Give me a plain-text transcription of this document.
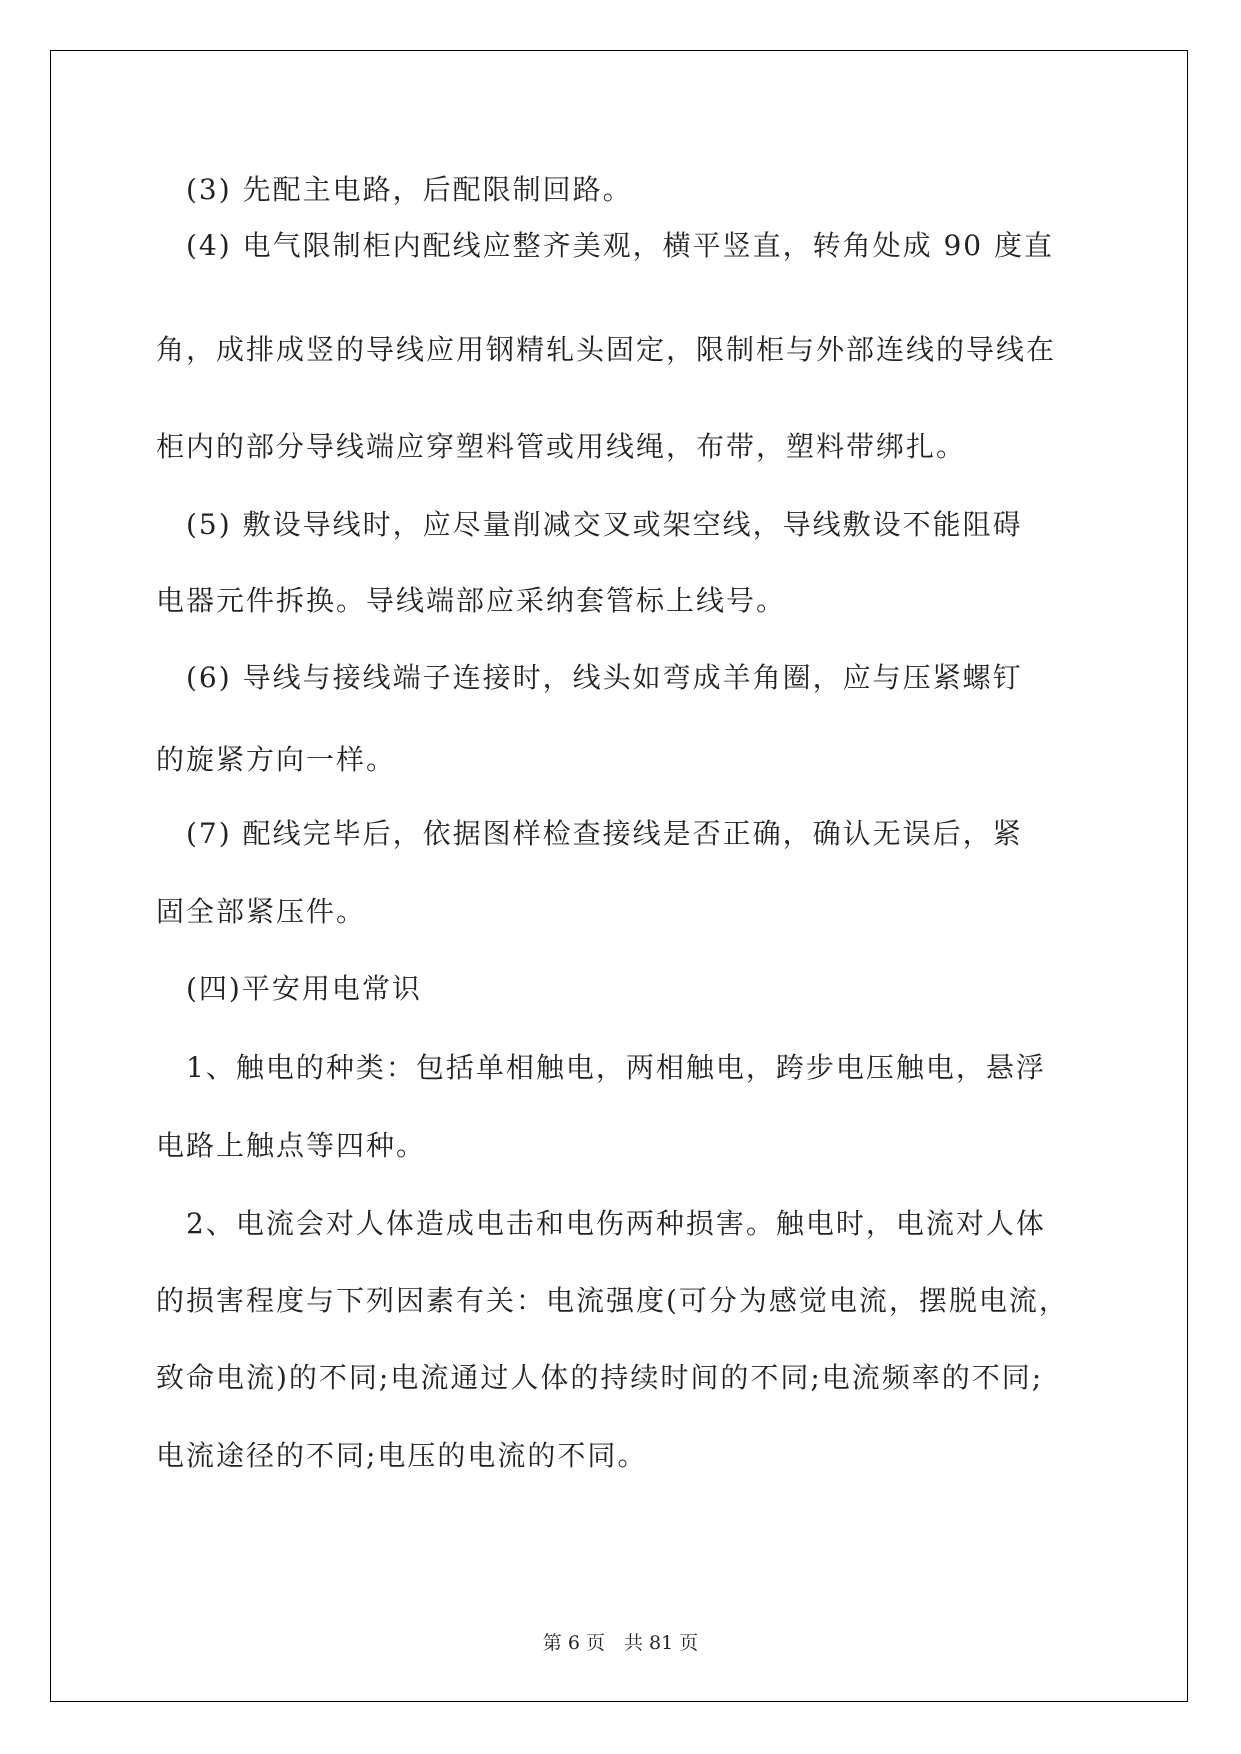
　(3) 先配主电路，后配限制回路。

　(4) 电气限制柜内配线应整齐美观，横平竖直，转角处成 90 度直

角，成排成竖的导线应用钢精轧头固定，限制柜与外部连线的导线在

柜内的部分导线端应穿塑料管或用线绳，布带，塑料带绑扎。

　(5) 敷设导线时，应尽量削减交叉或架空线，导线敷设不能阻碍

电器元件拆换。导线端部应采纳套管标上线号。

　(6) 导线与接线端子连接时，线头如弯成羊角圈，应与压紧螺钉

的旋紧方向一样。

　(7) 配线完毕后，依据图样检查接线是否正确，确认无误后，紧

固全部紧压件。

　(四)平安用电常识

　1、触电的种类：包括单相触电，两相触电，跨步电压触电，悬浮

电路上触点等四种。

　2、电流会对人体造成电击和电伤两种损害。触电时，电流对人体

的损害程度与下列因素有关：电流强度(可分为感觉电流，摆脱电流，

致命电流)的不同;电流通过人体的持续时间的不同;电流频率的不同;

电流途径的不同;电压的电流的不同。

第 6 页　共 81 页
